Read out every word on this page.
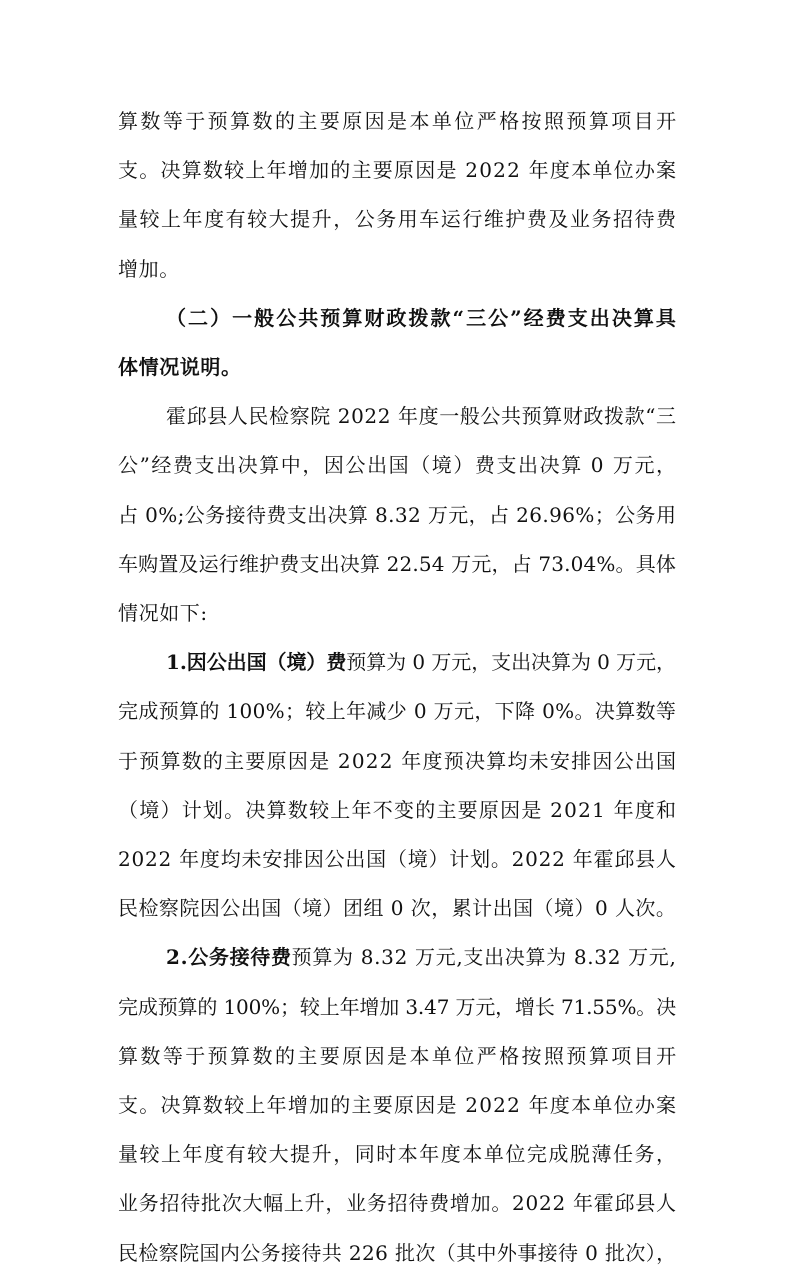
算数等于预算数的主要原因是本单位严格按照预算项目开
支。决算数较上年增加的主要原因是 2022 年度本单位办案
量较上年度有较大提升，公务用车运行维护费及业务招待费
增加。
（二）一般公共预算财政拨款“三公”经费支出决算具
体情况说明。
霍邱县人民检察院 2022 年度一般公共预算财政拨款“三
公”经费支出决算中，因公出国（境）费支出决算 0 万元，
占 0%;公务接待费支出决算 8.32 万元，占 26.96%；公务用
车购置及运行维护费支出决算 22.54 万元，占 73.04%。具体
情况如下:
1.因公出国（境）费预算为 0 万元，支出决算为 0 万元，
完成预算的 100%；较上年减少 0 万元，下降 0%。决算数等
于预算数的主要原因是 2022 年度预决算均未安排因公出国
（境）计划。决算数较上年不变的主要原因是 2021 年度和
2022 年度均未安排因公出国（境）计划。2022 年霍邱县人
民检察院因公出国（境）团组 0 次，累计出国（境）0 人次。
2.公务接待费预算为 8.32 万元,支出决算为 8.32 万元,
完成预算的 100%；较上年增加 3.47 万元，增长 71.55%。决
算数等于预算数的主要原因是本单位严格按照预算项目开
支。决算数较上年增加的主要原因是 2022 年度本单位办案
量较上年度有较大提升，同时本年度本单位完成脱薄任务，
业务招待批次大幅上升，业务招待费增加。2022 年霍邱县人
民检察院国内公务接待共 226 批次（其中外事接待 0 批次），
